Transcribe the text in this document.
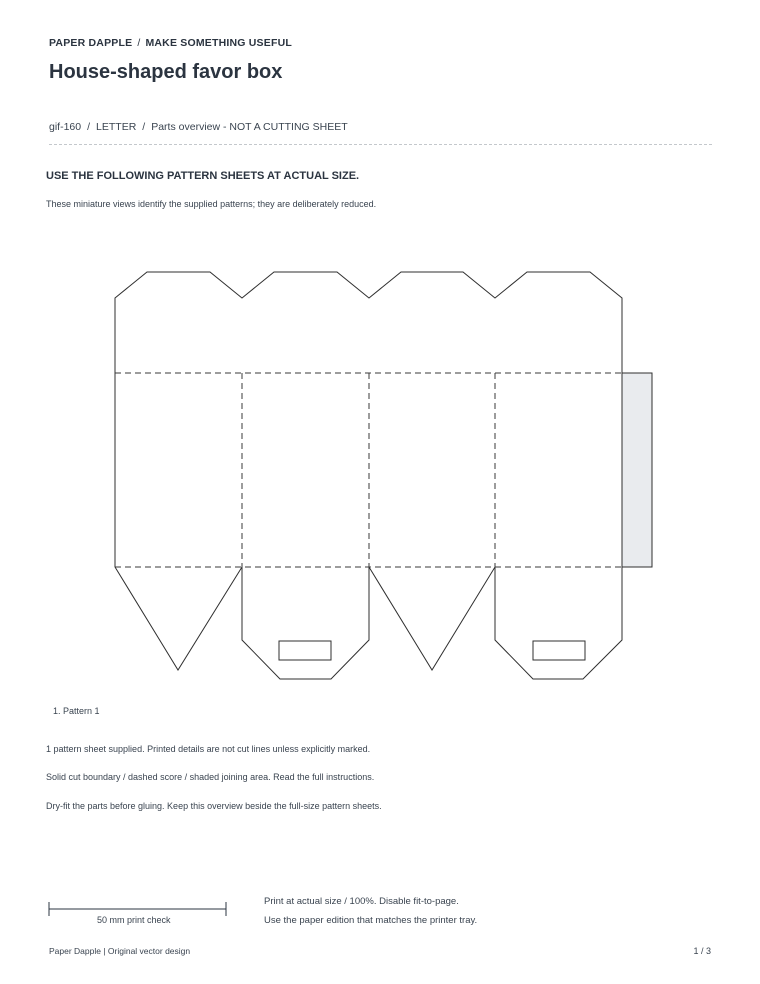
PAPER DAPPLE / MAKE SOMETHING USEFUL
House-shaped favor box
gif-160 / LETTER / Parts overview - NOT A CUTTING SHEET
USE THE FOLLOWING PATTERN SHEETS AT ACTUAL SIZE.
These miniature views identify the supplied patterns; they are deliberately reduced.
1. Pattern 1
1 pattern sheet supplied. Printed details are not cut lines unless explicitly marked.
Solid cut boundary / dashed score / shaded joining area. Read the full instructions.
Dry-fit the parts before gluing. Keep this overview beside the full-size pattern sheets.
50 mm print check
Print at actual size / 100%. Disable fit-to-page.
Use the paper edition that matches the printer tray.
Paper Dapple | Original vector design	1 / 3
